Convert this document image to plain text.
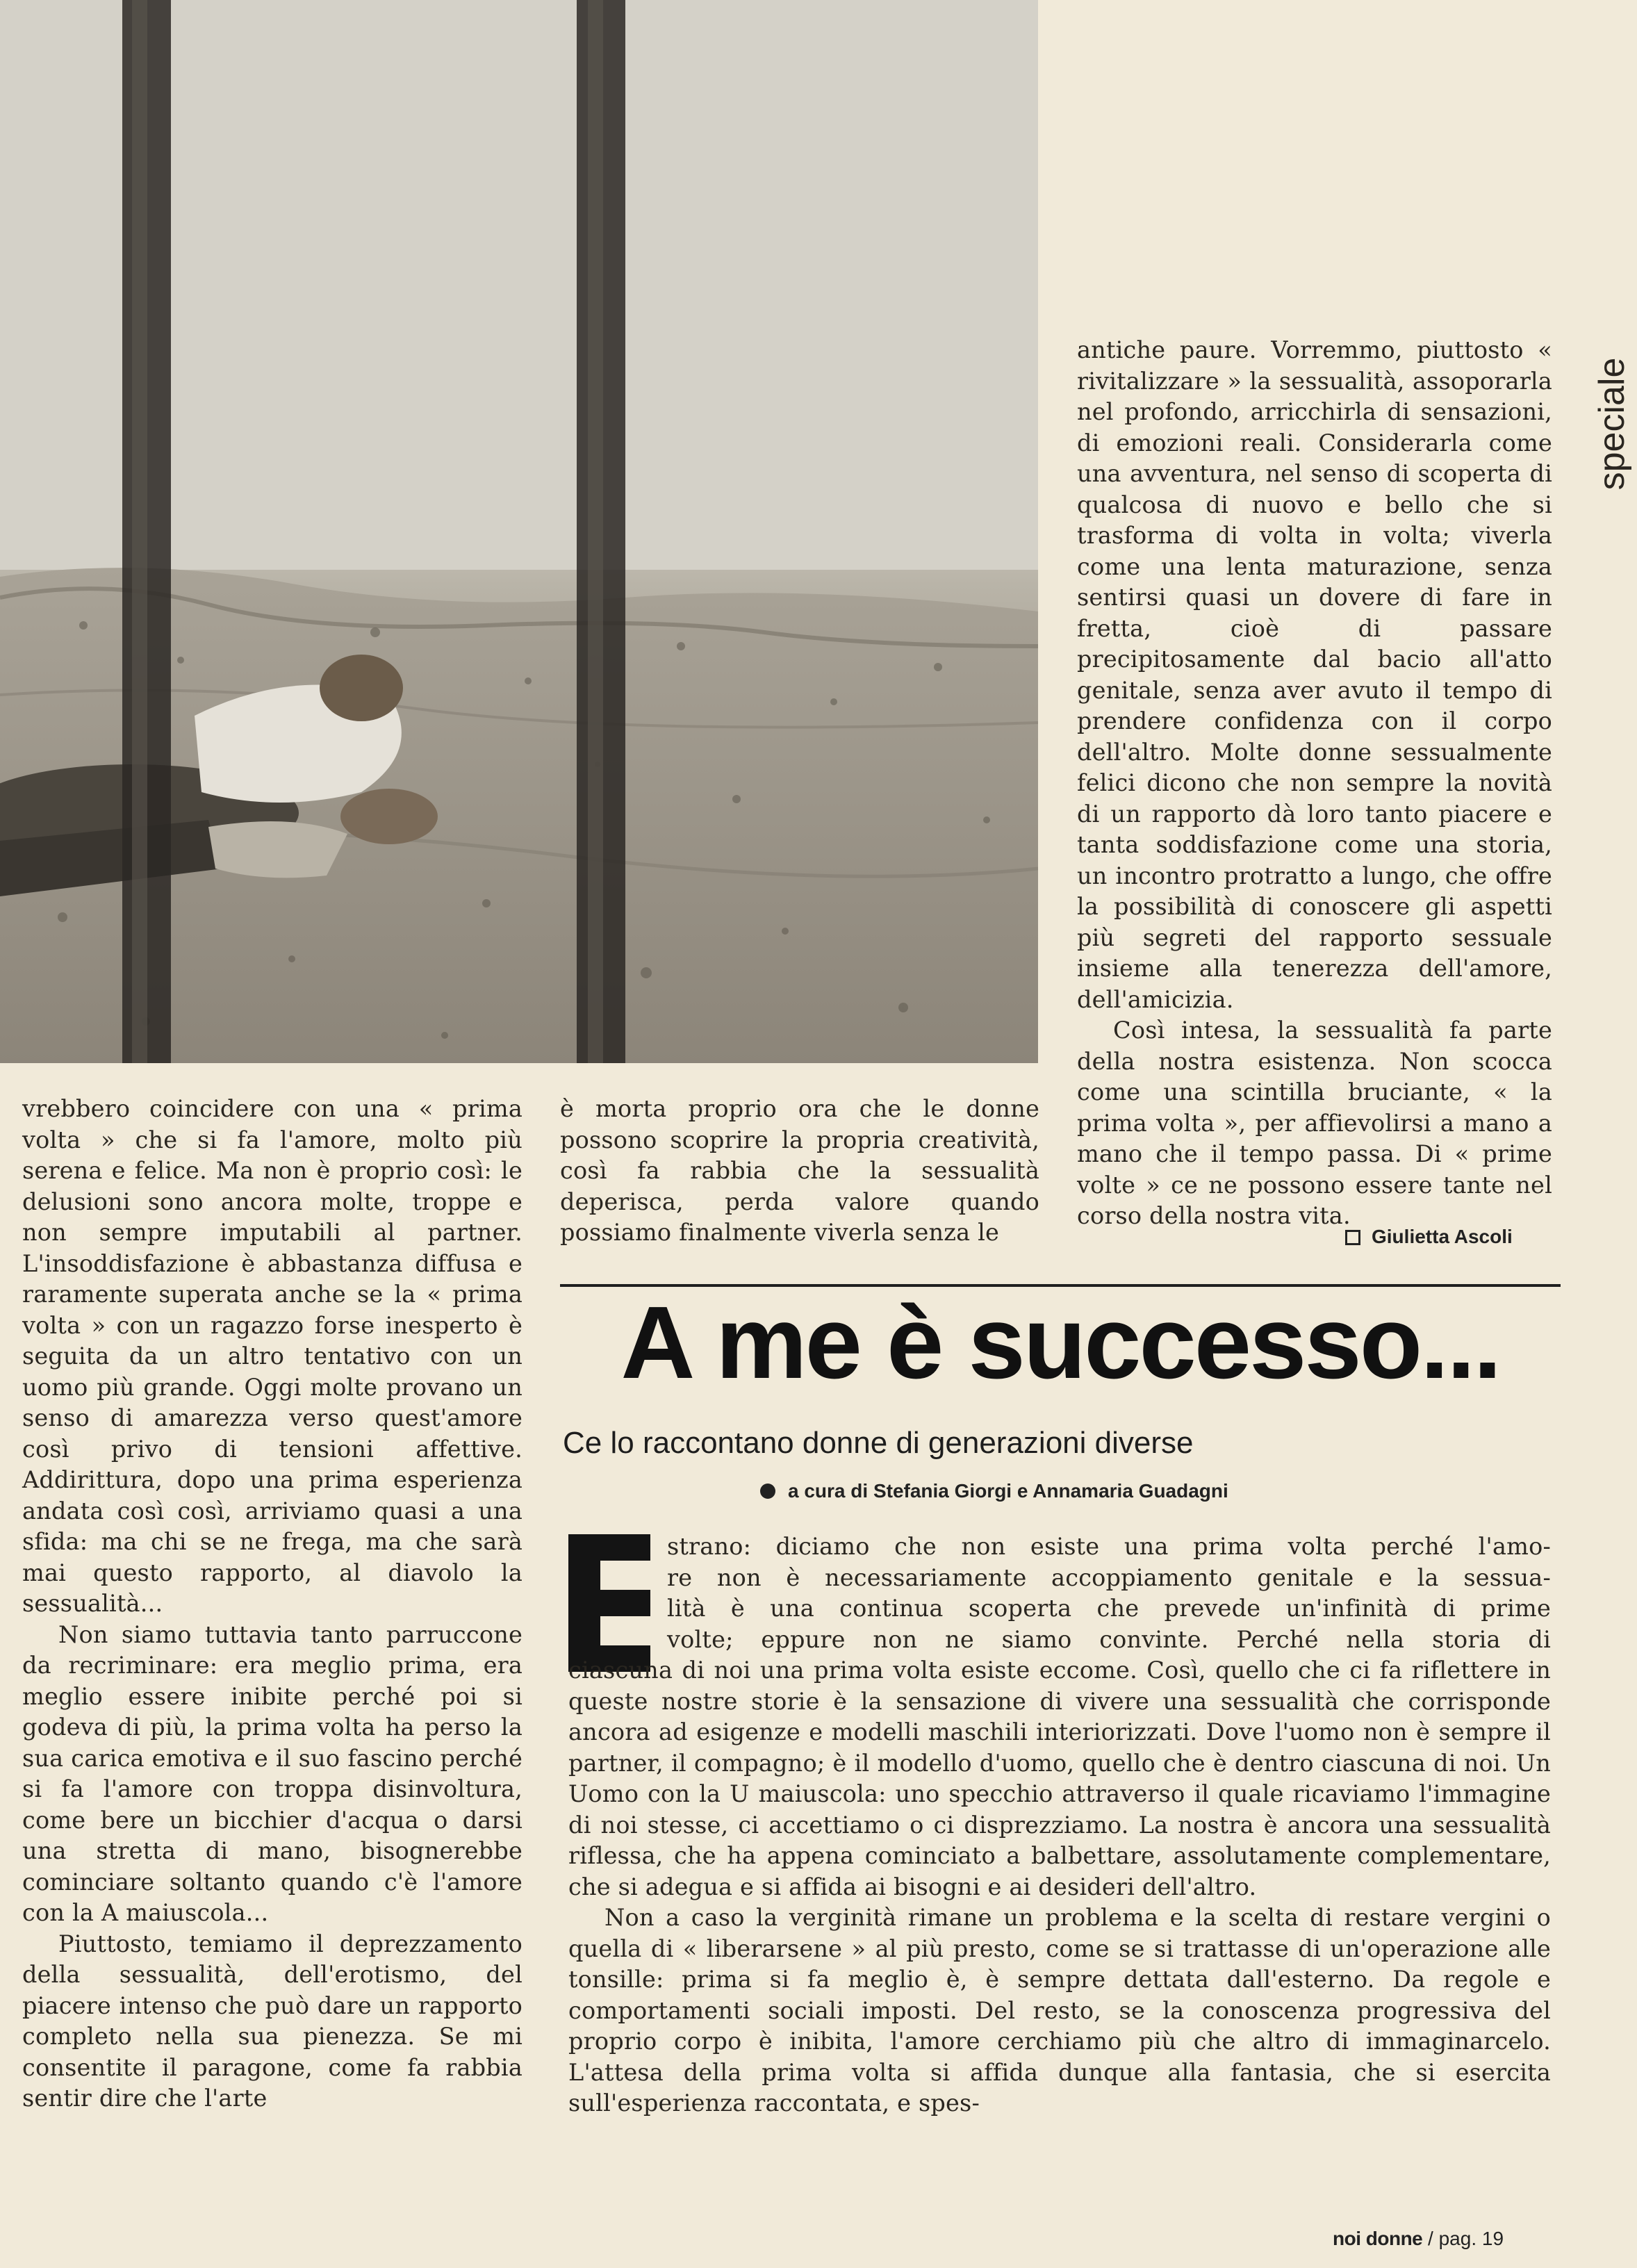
speciale

antiche paure. Vorremmo, piuttosto « rivitalizzare » la sessualità, assoporarla nel profondo, arricchirla di sensazioni, di emozioni reali. Considerarla come una avventura, nel senso di scoperta di qualcosa di nuovo e bello che si trasforma di volta in volta; viverla come una lenta maturazione, senza sentirsi quasi un dovere di fare in fretta, cioè di passare precipitosamente dal bacio all'atto genitale, senza aver avuto il tempo di prendere confidenza con il corpo dell'altro. Molte donne sessualmente felici dicono che non sempre la novità di un rapporto dà loro tanto piacere e tanta soddisfazione come una storia, un incontro protratto a lungo, che offre la possibilità di conoscere gli aspetti più segreti del rapporto sessuale insieme alla tenerezza dell'amore, dell'amicizia.

Così intesa, la sessualità fa parte della nostra esistenza. Non scocca come una scintilla bruciante, « la prima volta », per affievolirsi a mano a mano che il tempo passa. Di « prime volte » ce ne possono essere tante nel corso della nostra vita.

Giulietta Ascoli

vrebbero coincidere con una « prima volta » che si fa l'amore, molto più serena e felice. Ma non è proprio così: le delusioni sono ancora molte, troppe e non sempre imputabili al partner. L'insoddisfazione è abbastanza diffusa e raramente superata anche se la « prima volta » con un ragazzo forse inesperto è seguita da un altro tentativo con un uomo più grande. Oggi molte provano un senso di amarezza verso quest'amore così privo di tensioni affettive. Addirittura, dopo una prima esperienza andata così così, arriviamo quasi a una sfida: ma chi se ne frega, ma che sarà mai questo rapporto, al diavolo la sessualità...

Non siamo tuttavia tanto parruccone da recriminare: era meglio prima, era meglio essere inibite perché poi si godeva di più, la prima volta ha perso la sua carica emotiva e il suo fascino perché si fa l'amore con troppa disinvoltura, come bere un bicchier d'acqua o darsi una stretta di mano, bisognerebbe cominciare soltanto quando c'è l'amore con la A maiuscola...

Piuttosto, temiamo il deprezzamento della sessualità, dell'erotismo, del piacere intenso che può dare un rapporto completo nella sua pienezza. Se mi consentite il paragone, come fa rabbia sentir dire che l'arte

è morta proprio ora che le donne possono scoprire la propria creatività, così fa rabbia che la sessualità deperisca, perda valore quando possiamo finalmente viverla senza le

A me è successo...
Ce lo raccontano donne di generazioni diverse
a cura di Stefania Giorgi e Annamaria Guadagni

strano: diciamo che non esiste una prima volta perché l'amo-

re non è necessariamente accoppiamento genitale e la sessua-

lità è una continua scoperta che prevede un'infinità di prime

volte; eppure non ne siamo convinte. Perché nella storia di

ciascuna di noi una prima volta esiste eccome. Così, quello che ci fa riflettere in queste nostre storie è la sensazione di vivere una sessualità che corrisponde ancora ad esigenze e modelli maschili interiorizzati. Dove l'uomo non è sempre il partner, il compagno; è il modello d'uomo, quello che è dentro ciascuna di noi. Un Uomo con la U maiuscola: uno specchio attraverso il quale ricaviamo l'immagine di noi stesse, ci accettiamo o ci disprezziamo. La nostra è ancora una sessualità riflessa, che ha appena cominciato a balbettare, assolutamente complementare, che si adegua e si affida ai bisogni e ai desideri dell'altro.

Non a caso la verginità rimane un problema e la scelta di restare vergini o quella di « liberarsene » al più presto, come se si trattasse di un'operazione alle tonsille: prima si fa meglio è, è sempre dettata dall'esterno. Da regole e comportamenti sociali imposti. Del resto, se la conoscenza progressiva del proprio corpo è inibita, l'amore cerchiamo più che altro di immaginarcelo. L'attesa della prima volta si affida dunque alla fantasia, che si esercita sull'esperienza raccontata, e spes-

noi donne / pag. 19
